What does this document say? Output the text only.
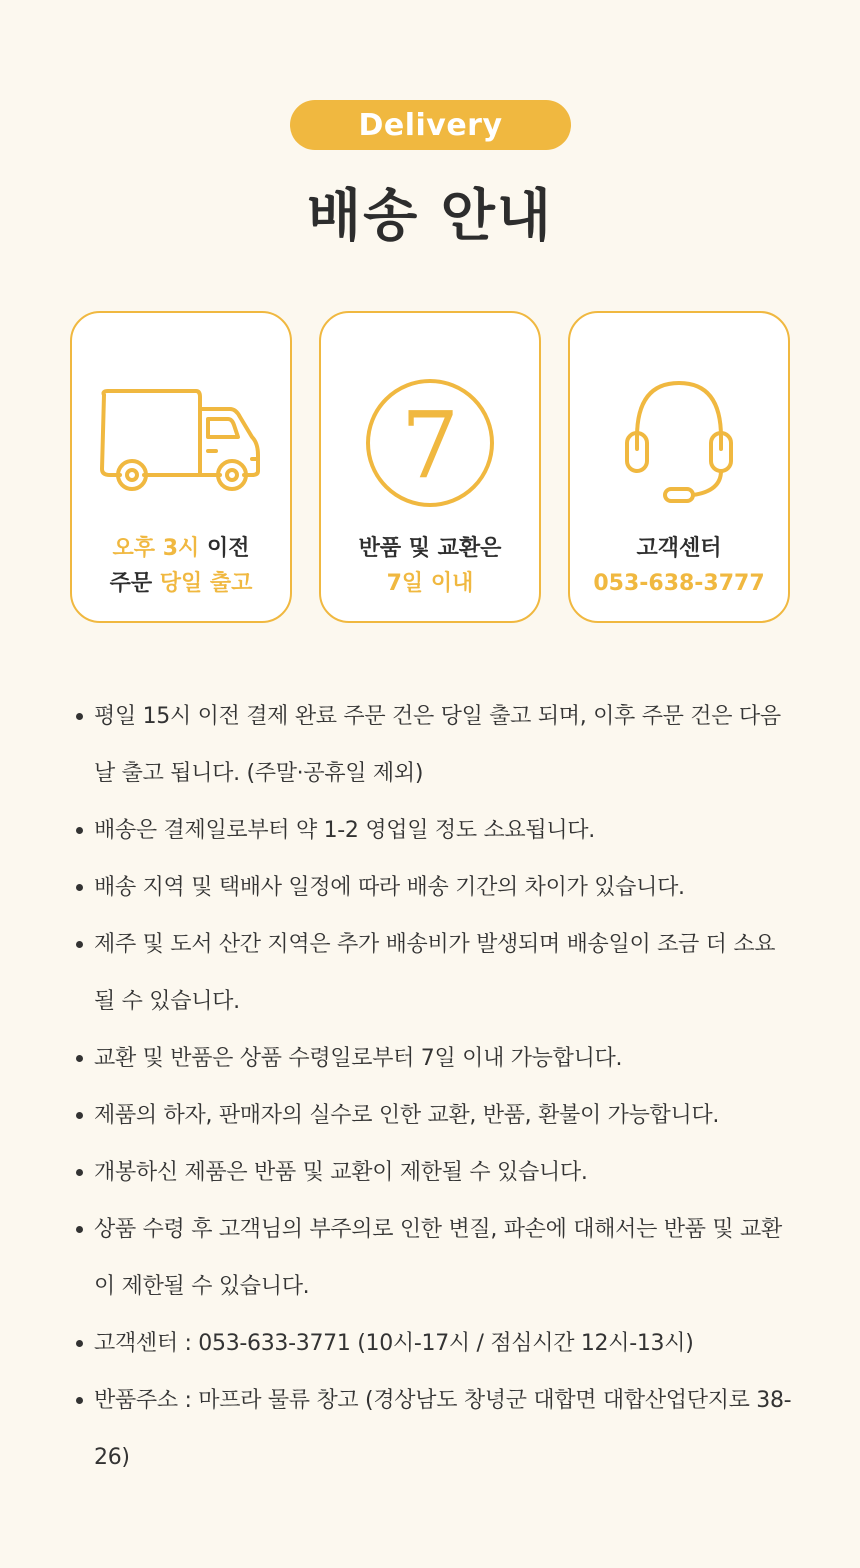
Delivery
배송 안내
오후 3시 이전
주문 당일 출고
7
반품 및 교환은
7일 이내
고객센터
053-638-3777
평일 15시 이전 결제 완료 주문 건은 당일 출고 되며, 이후 주문 건은 다음날 출고 됩니다. (주말·공휴일 제외)
배송은 결제일로부터 약 1-2 영업일 정도 소요됩니다.
배송 지역 및 택배사 일정에 따라 배송 기간의 차이가 있습니다.
제주 및 도서 산간 지역은 추가 배송비가 발생되며 배송일이 조금 더 소요될 수 있습니다.
교환 및 반품은 상품 수령일로부터 7일 이내 가능합니다.
제품의 하자, 판매자의 실수로 인한 교환, 반품, 환불이 가능합니다.
개봉하신 제품은 반품 및 교환이 제한될 수 있습니다.
상품 수령 후 고객님의 부주의로 인한 변질, 파손에 대해서는 반품 및 교환이 제한될 수 있습니다.
고객센터 : 053-633-3771 (10시-17시 / 점심시간 12시-13시)
반품주소 : 마프라 물류 창고 (경상남도 창녕군 대합면 대합산업단지로 38-26)
